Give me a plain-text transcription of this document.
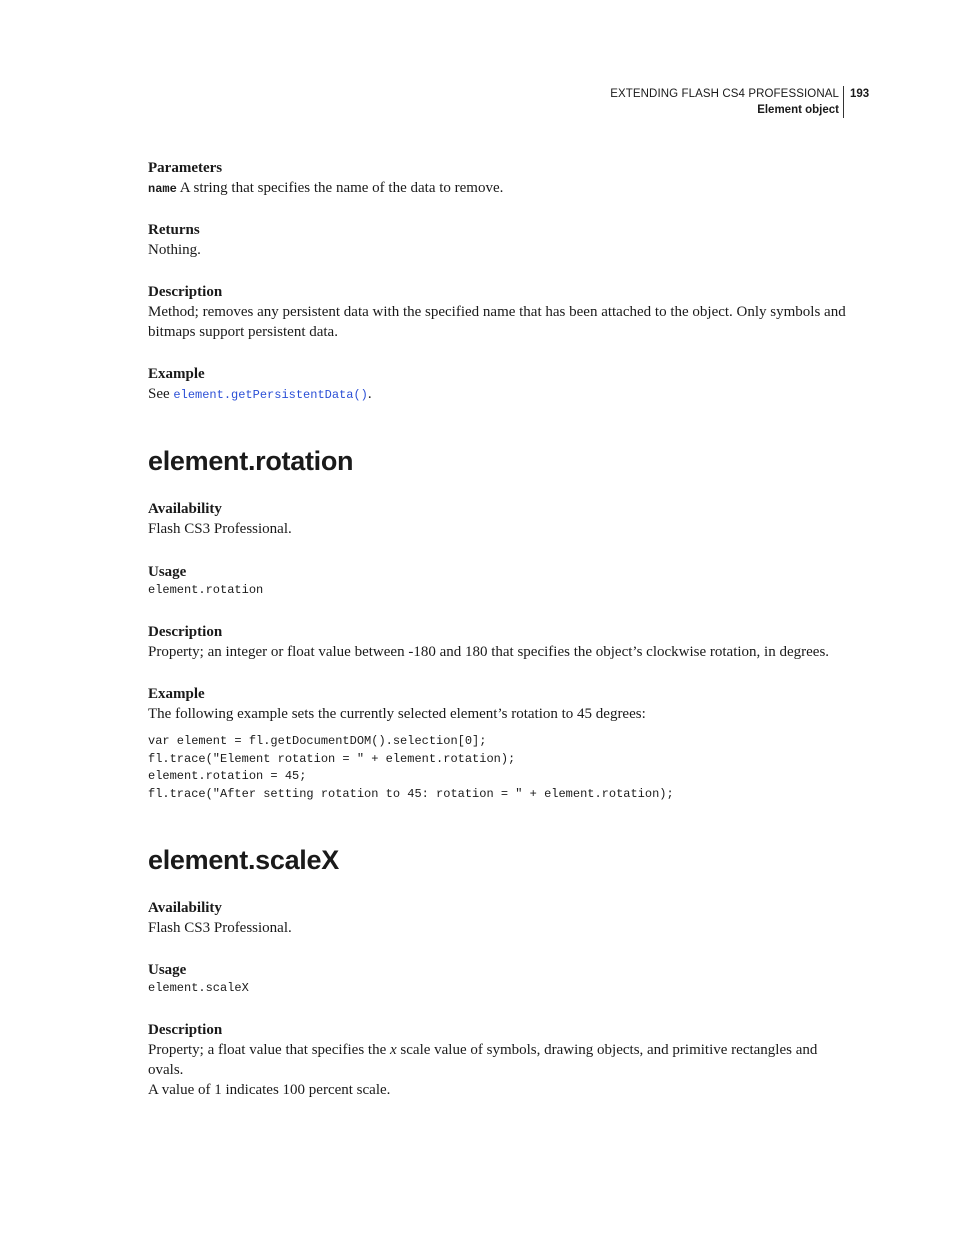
EXTENDING FLASH CS4 PROFESSIONAL
Element object
193

Parameters

name A string that specifies the name of the data to remove.

Returns

Nothing.

Description

Method; removes any persistent data with the specified name that has been attached to the object. Only symbols and

bitmaps support persistent data.

Example

See element.getPersistentData().

element.rotation

Availability

Flash CS3 Professional.

Usage

element.rotation

Description

Property; an integer or float value between -180 and 180 that specifies the object’s clockwise rotation, in degrees.

Example

The following example sets the currently selected element’s rotation to 45 degrees:

var element = fl.getDocumentDOM().selection[0];

fl.trace("Element rotation = " + element.rotation);

element.rotation = 45;

fl.trace("After setting rotation to 45: rotation = " + element.rotation);

element.scaleX

Availability

Flash CS3 Professional.

Usage

element.scaleX

Description

Property; a float value that specifies the x scale value of symbols, drawing objects, and primitive rectangles and ovals.

A value of 1 indicates 100 percent scale.
